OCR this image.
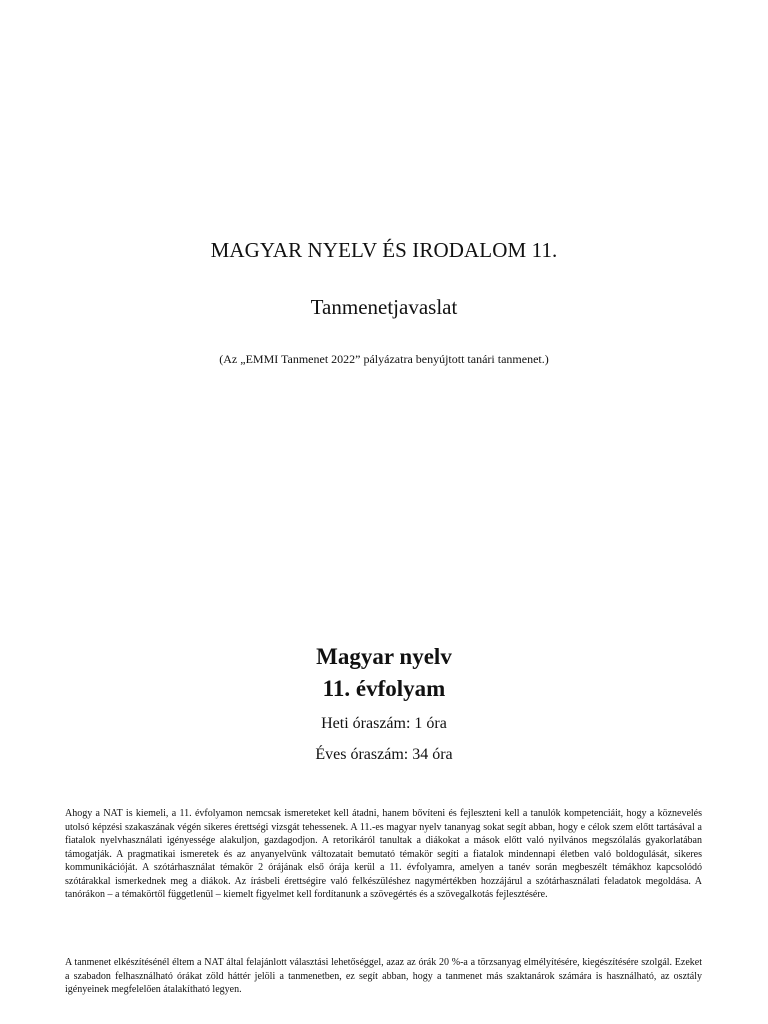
MAGYAR NYELV ÉS IRODALOM 11.
Tanmenetjavaslat
(Az „EMMI Tanmenet 2022” pályázatra benyújtott tanári tanmenet.)
Magyar nyelv
11. évfolyam
Heti óraszám: 1 óra
Éves óraszám: 34 óra

Ahogy a NAT is kiemeli, a 11. évfolyamon nemcsak ismereteket kell átadni, hanem bővíteni és fejleszteni kell a tanulók kompetenciáit, hogy a köznevelés utolsó képzési szakaszának végén sikeres érettségi vizsgát tehessenek. A 11.-es magyar nyelv tananyag sokat segít abban, hogy e célok szem előtt tartásával a fiatalok nyelvhasználati igényessége alakuljon, gazdagodjon. A retorikáról tanultak a diákokat a mások előtt való nyilvános megszólalás gyakorlatában támogatják. A pragmatikai ismeretek és az anyanyelvünk változatait bemutató témakör segíti a fiatalok mindennapi életben való boldogulását, sikeres kommunikációját. A szótárhasználat témakör 2 órájának első órája kerül a 11. évfolyamra, amelyen a tanév során megbeszélt témákhoz kapcsolódó szótárakkal ismerkednek meg a diákok. Az írásbeli érettségire való felkészüléshez nagymértékben hozzájárul a szótárhasználati feladatok megoldása. A tanórákon – a témakörtől függetlenül – kiemelt figyelmet kell fordítanunk a szövegértés és a szövegalkotás fejlesztésére.

A tanmenet elkészítésénél éltem a NAT által felajánlott választási lehetőséggel, azaz az órák 20 %-a a törzsanyag elmélyítésére, kiegészítésére szolgál. Ezeket a szabadon felhasználható órákat zöld háttér jelöli a tanmenetben, ez segít abban, hogy a tanmenet más szaktanárok számára is használható, az osztály igényeinek megfelelően átalakítható legyen.
